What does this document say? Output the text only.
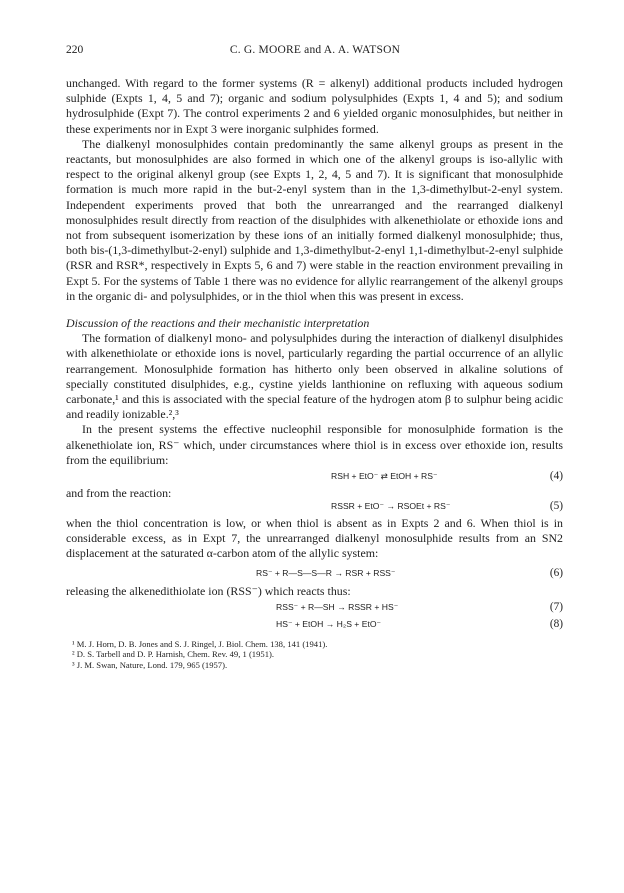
220	C. G. MOORE and A. A. WATSON

unchanged. With regard to the former systems (R = alkenyl) additional products included hydrogen sulphide (Expts 1, 4, 5 and 7); organic and sodium polysulphides (Expts 1, 4 and 5); and sodium hydrosulphide (Expt 7). The control experiments 2 and 6 yielded organic monosulphides, but neither in these experiments nor in Expt 3 were inorganic sulphides formed.

The dialkenyl monosulphides contain predominantly the same alkenyl groups as present in the reactants, but monosulphides are also formed in which one of the alkenyl groups is iso-allylic with respect to the original alkenyl group (see Expts 1, 2, 4, 5 and 7). It is significant that monosulphide formation is much more rapid in the but-2-enyl system than in the 1,3-dimethylbut-2-enyl system. Independent experiments proved that both the unrearranged and the rearranged dialkenyl monosulphides result directly from reaction of the disulphides with alkenethiolate or ethoxide ions and not from subsequent isomerization by these ions of an initially formed dialkenyl monosulphide; thus, both bis-(1,3-dimethylbut-2-enyl) sulphide and 1,3-dimethylbut-2-enyl 1,1-dimethylbut-2-enyl sulphide (RSR and RSR*, respectively in Expts 5, 6 and 7) were stable in the reaction environment prevailing in Expt 5. For the systems of Table 1 there was no evidence for allylic rearrangement of the alkenyl groups in the organic di- and polysulphides, or in the thiol when this was present in excess.

Discussion of the reactions and their mechanistic interpretation

The formation of dialkenyl mono- and polysulphides during the interaction of dialkenyl disulphides with alkenethiolate or ethoxide ions is novel, particularly regarding the partial occurrence of an allylic rearrangement. Monosulphide formation has hitherto only been observed in alkaline solutions of specially constituted disulphides, e.g., cystine yields lanthionine on refluxing with aqueous sodium carbonate,¹ and this is associated with the special feature of the hydrogen atom β to sulphur being acidic and readily ionizable.²,³

In the present systems the effective nucleophil responsible for monosulphide formation is the alkenethiolate ion, RS⁻ which, under circumstances where thiol is in excess over ethoxide ion, results from the equilibrium:

RSH + EtO⁻ ⇄ EtOH + RS⁻	(4)
and from the reaction:
RSSR + EtO⁻ → RSOEt + RS⁻	(5)

when the thiol concentration is low, or when thiol is absent as in Expts 2 and 6. When thiol is in considerable excess, as in Expt 7, the unrearranged dialkenyl monosulphide results from an SN2 displacement at the saturated α-carbon atom of the allylic system:

RS⁻ + R—S—S—R → RSR + RSS⁻	(6)

releasing the alkenedithiolate ion (RSS⁻) which reacts thus:

RSS⁻ + R—SH → RSSR + HS⁻	(7)
HS⁻ + EtOH → H₂S + EtO⁻	(8)

¹ M. J. Horn, D. B. Jones and S. J. Ringel, J. Biol. Chem. 138, 141 (1941).

² D. S. Tarbell and D. P. Harnish, Chem. Rev. 49, 1 (1951).

³ J. M. Swan, Nature, Lond. 179, 965 (1957).
